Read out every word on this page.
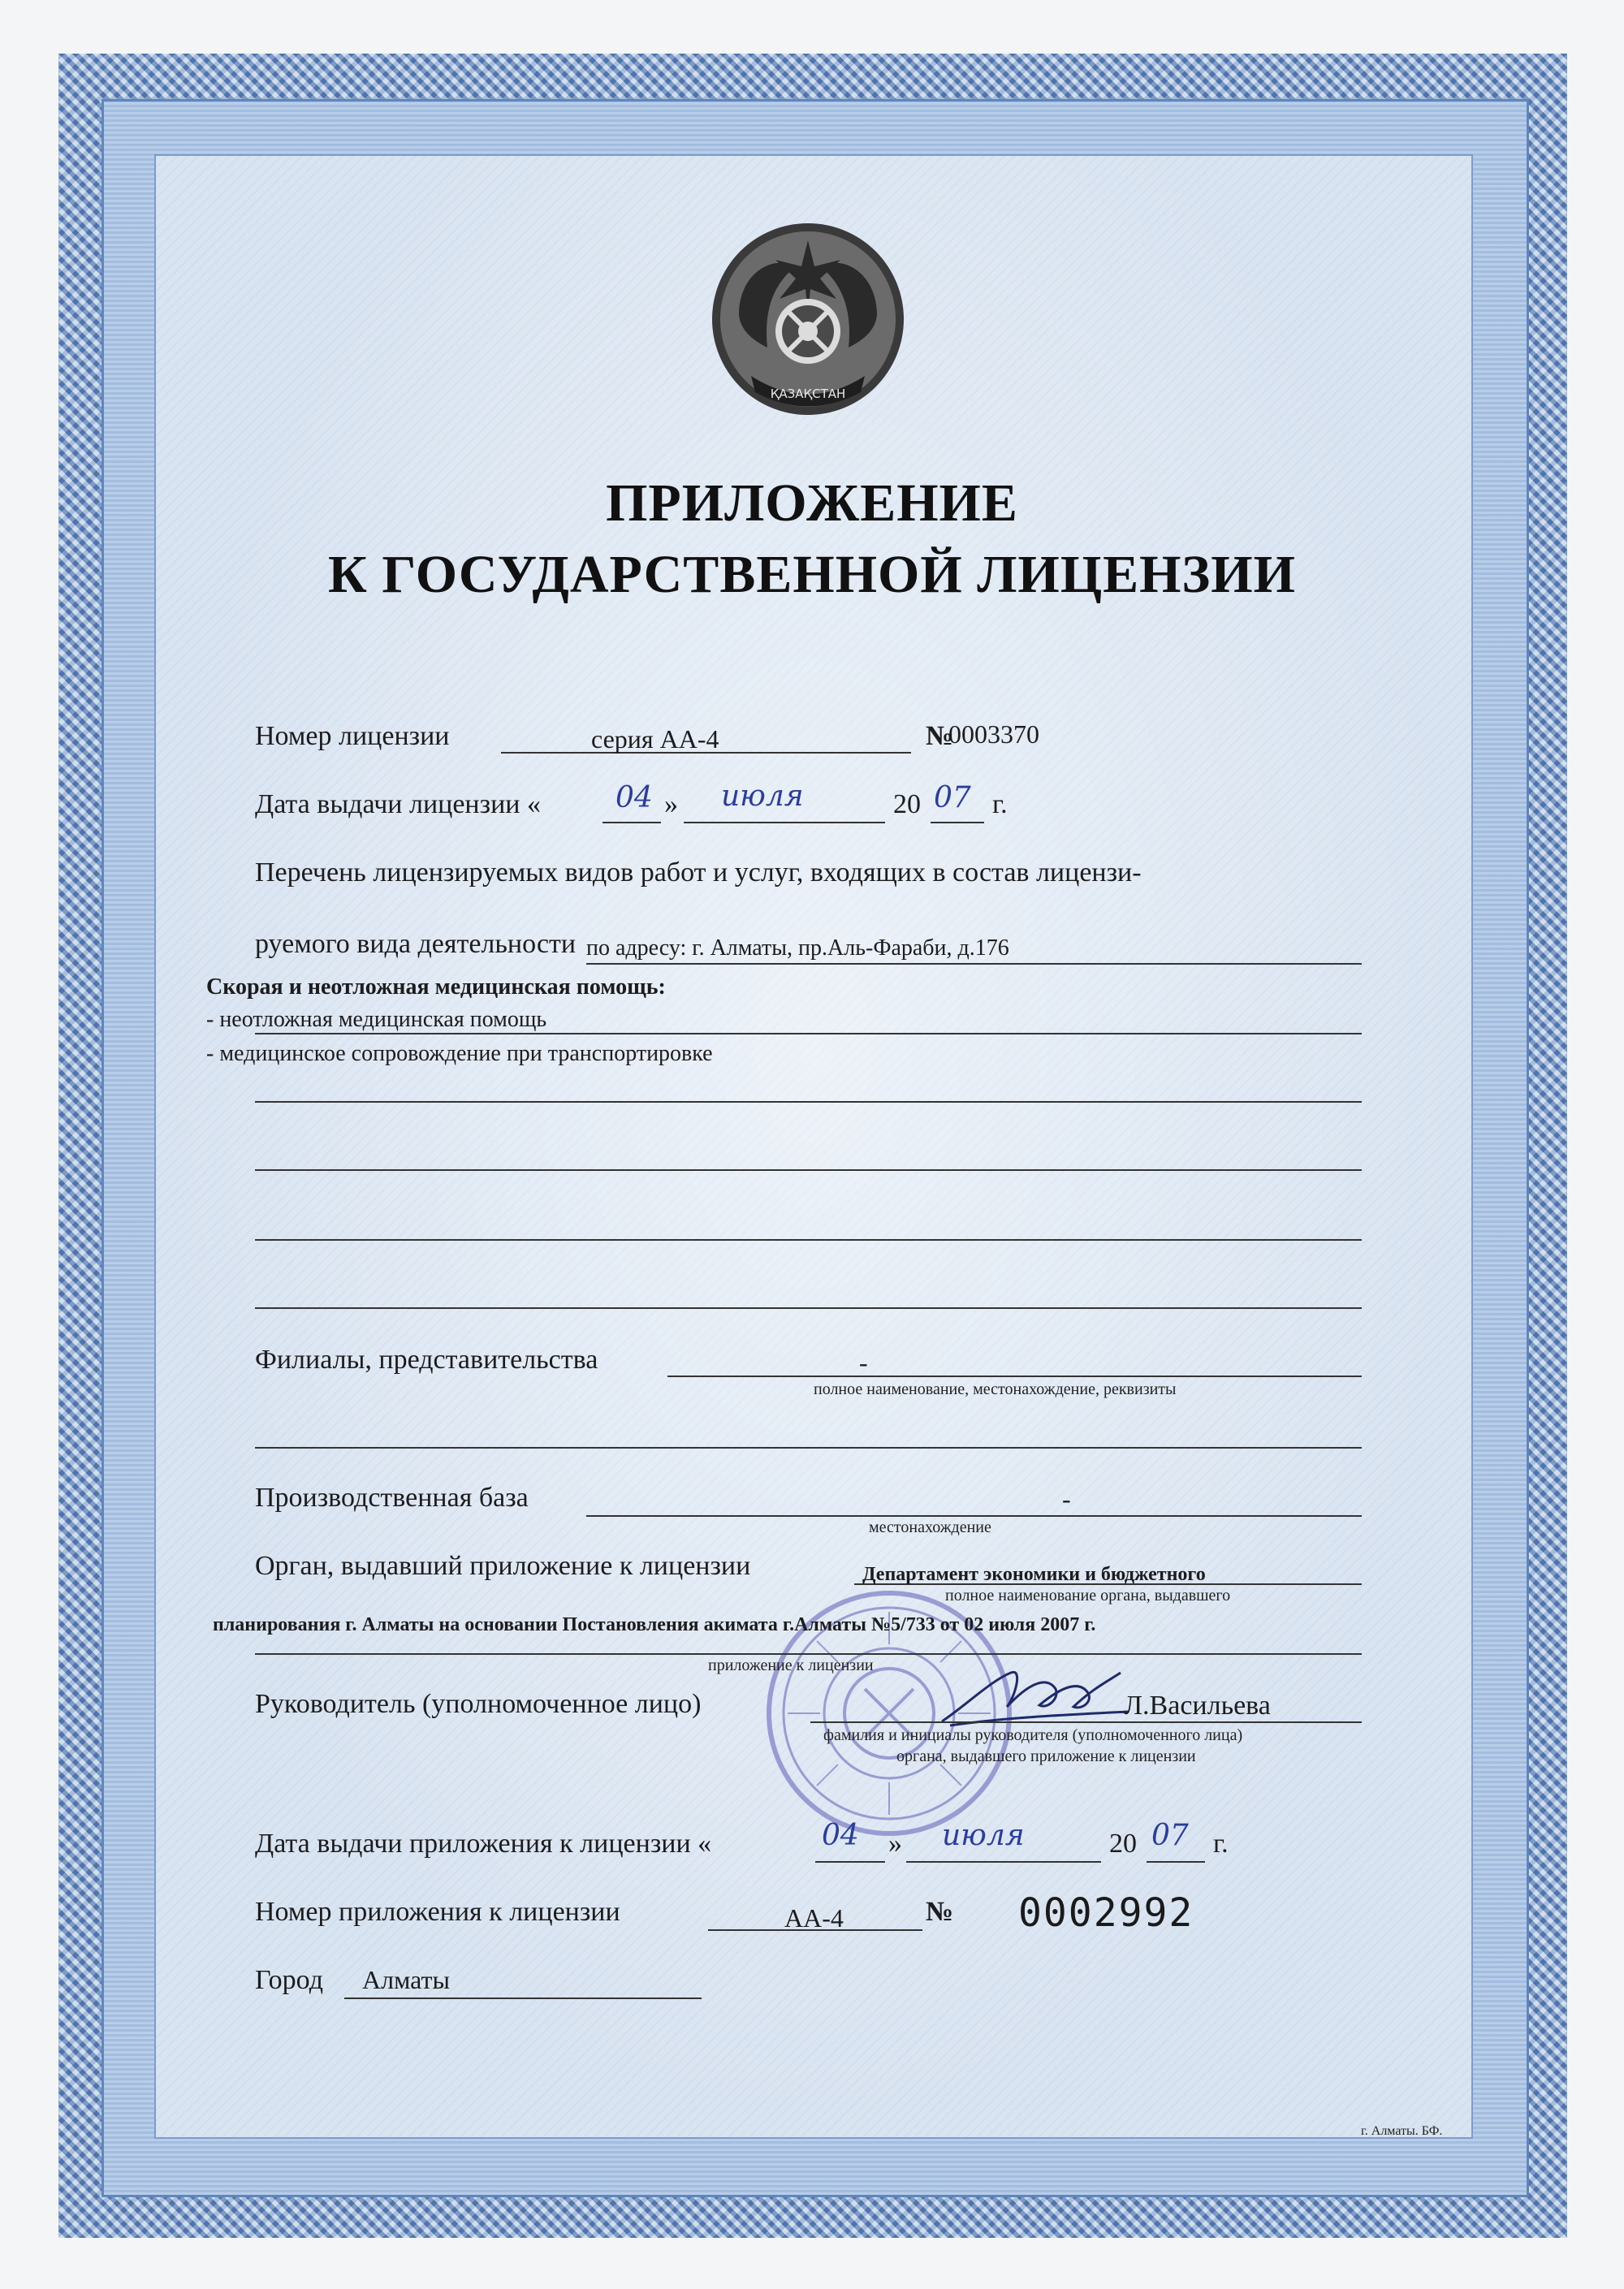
ҚАЗАҚСТАН
ПРИЛОЖЕНИЕ
К ГОСУДАРСТВЕННОЙ ЛИЦЕНЗИИ
Номер лицензии	серия АА-4	№
0003370
Дата выдачи лицензии «	04 » июля	20 07 г.
Перечень лицензируемых видов работ и услуг, входящих в состав лицензи-
руемого вида деятельности по адресу: г. Алматы, пр.Аль-Фараби, д.176
Скорая и неотложная медицинская помощь:
- неотложная медицинская помощь
- медицинское сопровождение при транспортировке
Филиалы, представительства	-
полное наименование, местонахождение, реквизиты
Производственная база	-
местонахождение
Орган, выдавший приложение к лицензии	Департамент экономики и бюджетного
полное наименование органа, выдавшего
планирования г. Алматы на основании Постановления акимата г.Алматы №5/733 от 02 июля 2007 г.
приложение к лицензии
Руководитель (уполномоченное лицо)	Л.Васильева
фамилия и инициалы руководителя (уполномоченного лица)
органа, выдавшего приложение к лицензии
Дата выдачи приложения к лицензии «	04 » июля	20 07 г.
Номер приложения к лицензии	АА-4	№ 0002992
Город Алматы
г. Алматы. БФ.
